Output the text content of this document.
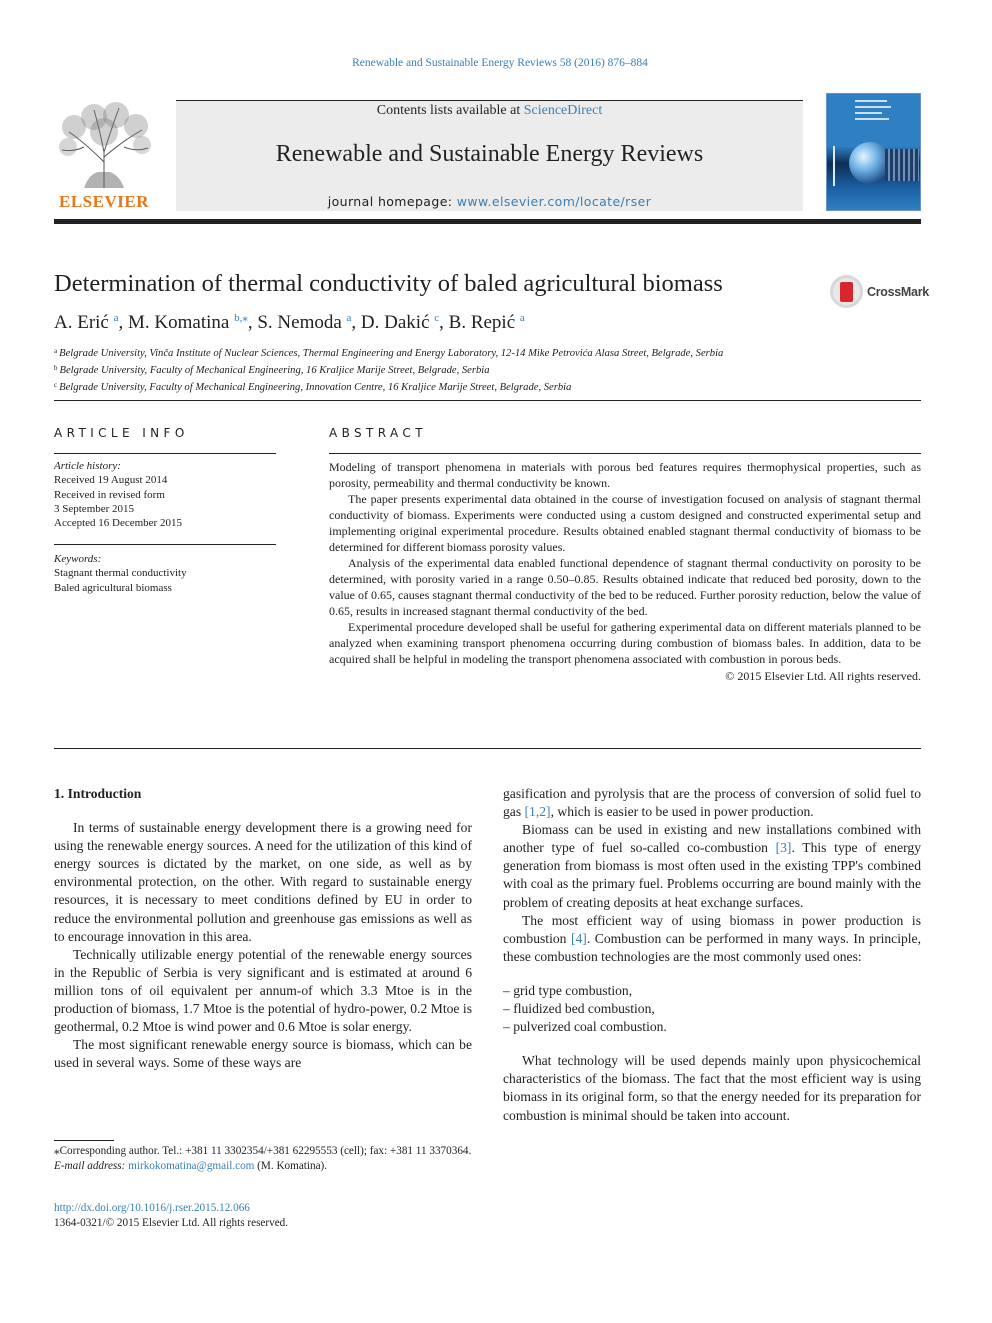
Renewable and Sustainable Energy Reviews 58 (2016) 876–884
ELSEVIER
Contents lists available at ScienceDirect
Renewable and Sustainable Energy Reviews
journal homepage: www.elsevier.com/locate/rser
Determination of thermal conductivity of baled agricultural biomass	CrossMark
A. Erić $^a$, M. Komatina $^{b,⁎}$, S. Nemoda $^a$, D. Dakić $^c$, B. Repić $^a$
$^a$ Belgrade University, Vinča Institute of Nuclear Sciences, Thermal Engineering and Energy Laboratory, 12-14 Mike Petrovića Alasa Street, Belgrade, Serbia
$^b$ Belgrade University, Faculty of Mechanical Engineering, 16 Kraljice Marije Street, Belgrade, Serbia
$^c$ Belgrade University, Faculty of Mechanical Engineering, Innovation Centre, 16 Kraljice Marije Street, Belgrade, Serbia
ARTICLE INFO	ABSTRACT
Article history:
Received 19 August 2014
Received in revised form
3 September 2015
Accepted 16 December 2015
Keywords:
Stagnant thermal conductivity
Baled agricultural biomass

Modeling of transport phenomena in materials with porous bed features requires thermophysical properties, such as porosity, permeability and thermal conductivity be known.

The paper presents experimental data obtained in the course of investigation focused on analysis of stagnant thermal conductivity of biomass. Experiments were conducted using a custom designed and constructed experimental setup and implementing original experimental procedure. Results obtained enabled stagnant thermal conductivity of biomass to be determined for different biomass porosity values.

Analysis of the experimental data enabled functional dependence of stagnant thermal conductivity on porosity to be determined, with porosity varied in a range 0.50–0.85. Results obtained indicate that reduced bed porosity, down to the value of 0.65, causes stagnant thermal conductivity of the bed to be reduced. Further porosity reduction, below the value of 0.65, results in increased stagnant thermal conductivity of the bed.

Experimental procedure developed shall be useful for gathering experimental data on different materials planned to be analyzed when examining transport phenomena occurring during combustion of biomass bales. In addition, data to be acquired shall be helpful in modeling the transport phenomena associated with combustion in porous beds.

© 2015 Elsevier Ltd. All rights reserved.

1. Introduction

In terms of sustainable energy development there is a growing need for using the renewable energy sources. A need for the utilization of this kind of energy sources is dictated by the market, on one side, as well as by environmental protection, on the other. With regard to sustainable energy resources, it is necessary to meet conditions defined by EU in order to reduce the environmental pollution and greenhouse gas emissions as well as to encourage innovation in this area.

Technically utilizable energy potential of the renewable energy sources in the Republic of Serbia is very significant and is estimated at around 6 million tons of oil equivalent per annum-of which 3.3 Mtoe is in the production of biomass, 1.7 Mtoe is the potential of hydro-power, 0.2 Mtoe is geothermal, 0.2 Mtoe is wind power and 0.6 Mtoe is solar energy.

The most significant renewable energy source is biomass, which can be used in several ways. Some of these ways are

gasification and pyrolysis that are the process of conversion of solid fuel to gas [1,2], which is easier to be used in power production.

Biomass can be used in existing and new installations combined with another type of fuel so-called co-combustion [3]. This type of energy generation from biomass is most often used in the existing TPP's combined with coal as the primary fuel. Problems occurring are bound mainly with the problem of creating deposits at heat exchange surfaces.

The most efficient way of using biomass in power production is combustion [4]. Combustion can be performed in many ways. In principle, these combustion technologies are the most commonly used ones:

– grid type combustion,
– fluidized bed combustion,
– pulverized coal combustion.

What technology will be used depends mainly upon physicochemical characteristics of the biomass. The fact that the most efficient way is using biomass in its original form, so that the energy needed for its preparation for combustion is minimal should be taken into account.

⁎Corresponding author. Tel.: +381 11 3302354/+381 62295553 (cell); fax: +381 11 3370364.
E-mail address: mirkokomatina@gmail.com (M. Komatina).
http://dx.doi.org/10.1016/j.rser.2015.12.066
1364-0321/© 2015 Elsevier Ltd. All rights reserved.
